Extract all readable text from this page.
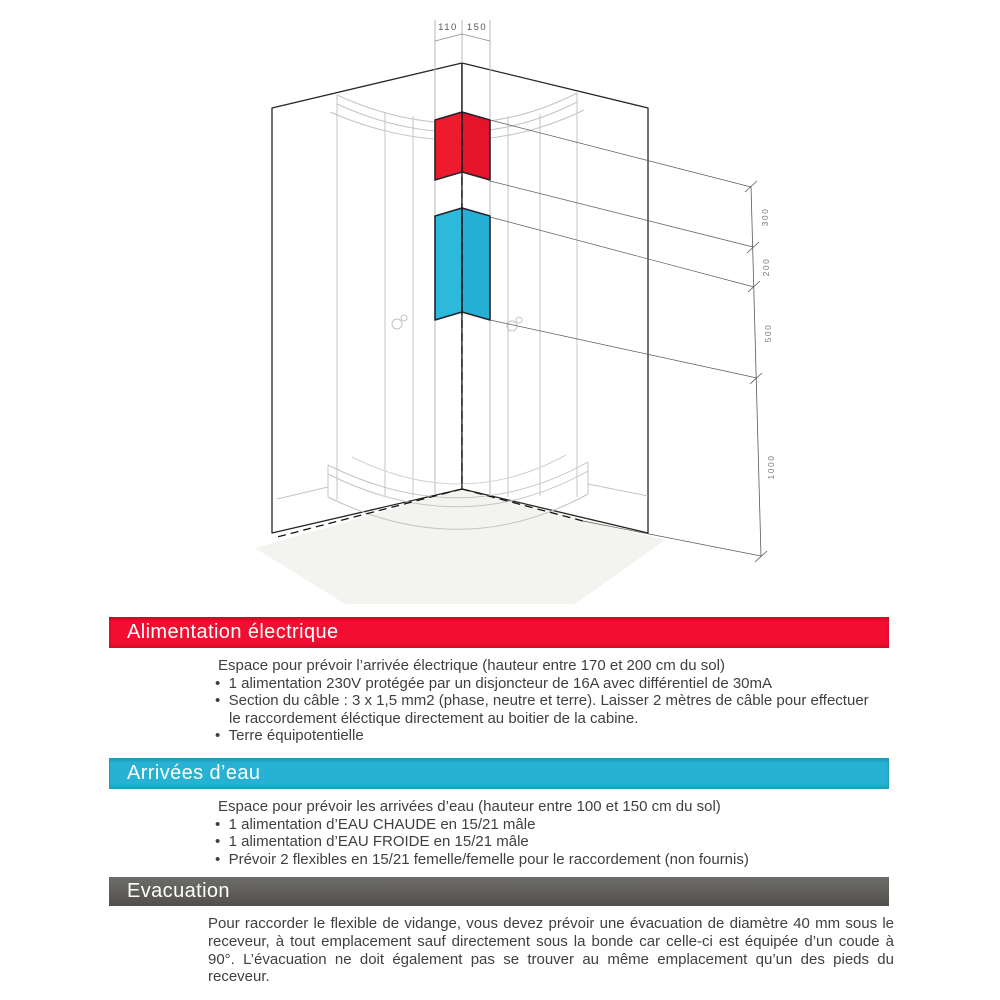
300
200
500
1000
110 150
Alimentation électrique

Espace pour prévoir l’arrivée électrique (hauteur entre 170 et 200 cm du sol)

•  1 alimentation 230V protégée par un disjoncteur de 16A avec différentiel de 30mA
•  Section du câble : 3 x 1,5 mm2 (phase, neutre et terre). Laisser 2 mètres de câble pour effectuer le raccordement éléctique directement au boitier de la cabine.
•  Terre équipotentielle
Arrivées d’eau

Espace pour prévoir les arrivées d’eau (hauteur entre 100 et 150 cm du sol)

•  1 alimentation d’EAU CHAUDE en 15/21 mâle
•  1 alimentation d’EAU FROIDE en 15/21 mâle
•  Prévoir 2 flexibles en 15/21 femelle/femelle pour le raccordement (non fournis)
Evacuation

Pour raccorder le flexible de vidange, vous devez prévoir une évacuation de diamètre 40 mm sous le receveur, à tout emplacement sauf directement sous la bonde car celle-ci est équipée d’un coude à 90°. L’évacuation ne doit également pas se trouver au même emplacement qu’un des pieds du receveur.
